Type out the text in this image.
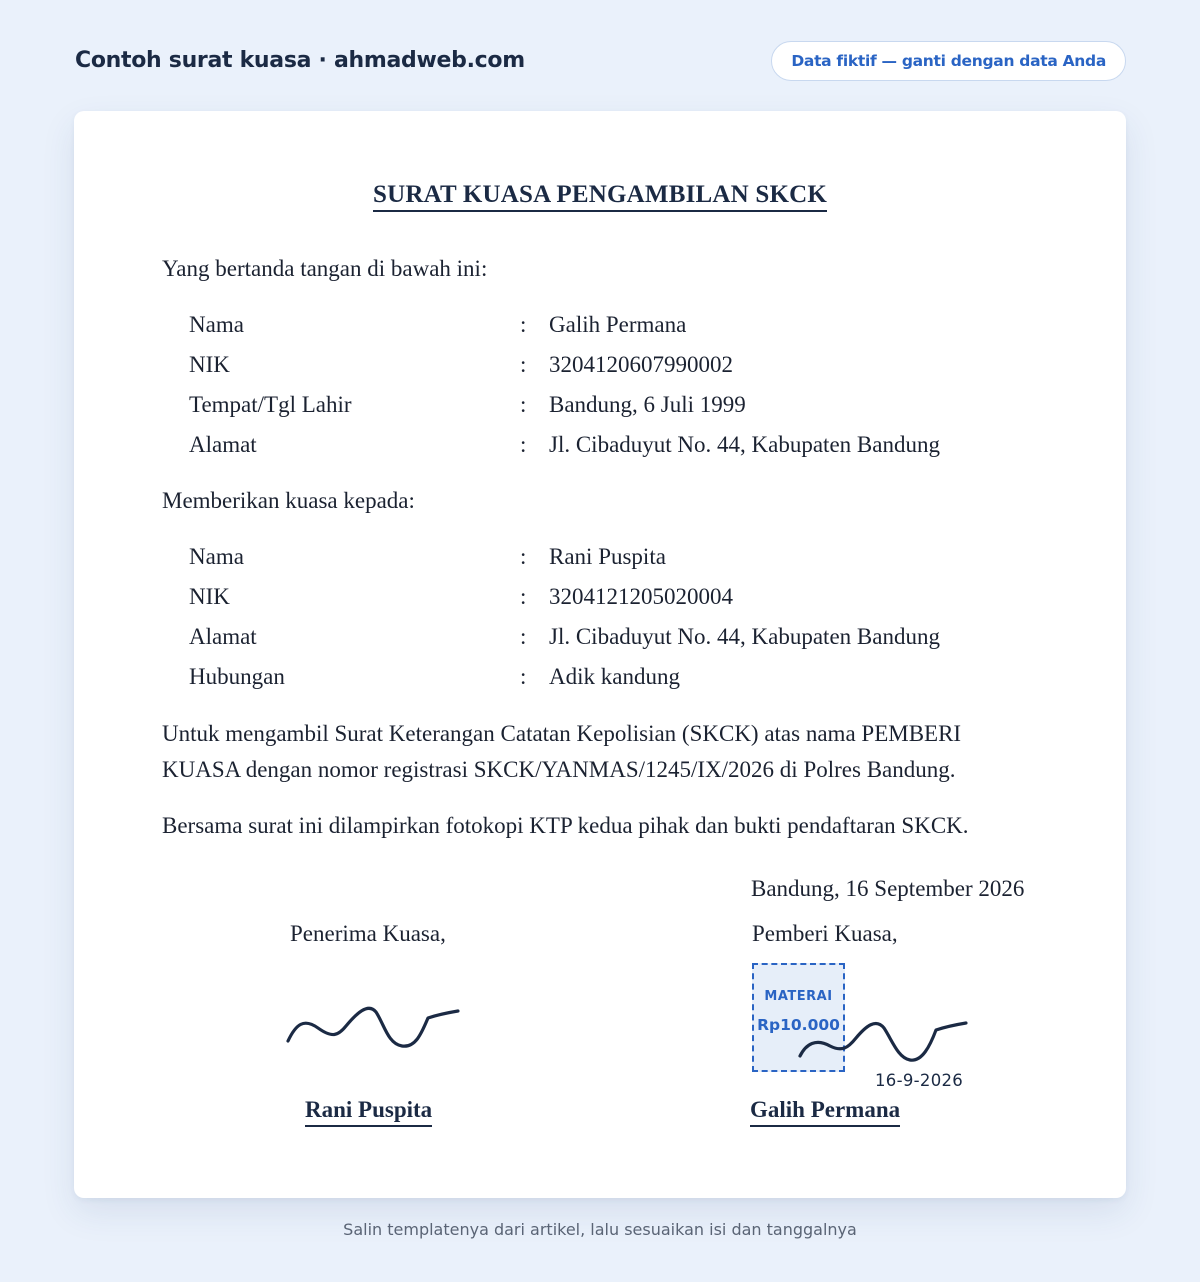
Contoh surat kuasa · ahmadweb.com	Data fiktif — ganti dengan data Anda
SURAT KUASA PENGAMBILAN SKCK
Yang bertanda tangan di bawah ini:
Nama	: Galih Permana
NIK	: 3204120607990002
Tempat/Tgl Lahir	: Bandung, 6 Juli 1999
Alamat	: Jl. Cibaduyut No. 44, Kabupaten Bandung
Memberikan kuasa kepada:
Nama	: Rani Puspita
NIK	: 3204121205020004
Alamat	: Jl. Cibaduyut No. 44, Kabupaten Bandung
Hubungan	: Adik kandung
Untuk mengambil Surat Keterangan Catatan Kepolisian (SKCK) atas nama PEMBERI
KUASA dengan nomor registrasi SKCK/YANMAS/1245/IX/2026 di Polres Bandung.
Bersama surat ini dilampirkan fotokopi KTP kedua pihak dan bukti pendaftaran SKCK.
Bandung, 16 September 2026
Penerima Kuasa,	Pemberi Kuasa,
MATERAI
Rp10.000
16-9-2026
Rani Puspita	Galih Permana
Salin templatenya dari artikel, lalu sesuaikan isi dan tanggalnya
